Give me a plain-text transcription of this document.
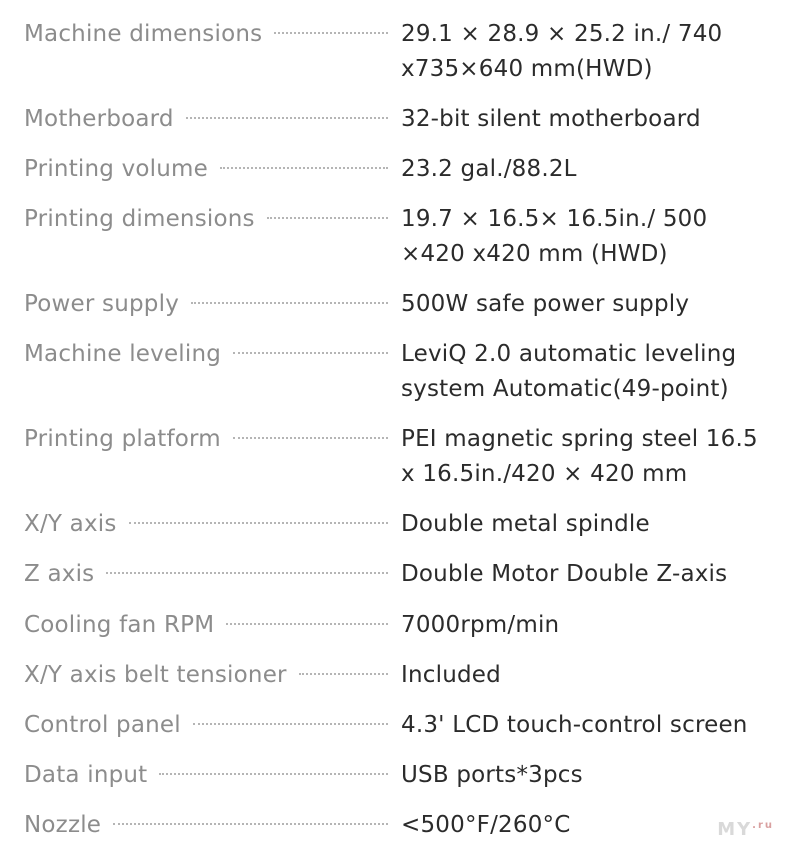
Machine dimensions	29.1 × 28.9 × 25.2 in./ 740 x735×640 mm(HWD)
Motherboard	32-bit silent motherboard
Printing volume	23.2 gal./88.2L
Printing dimensions	19.7 × 16.5× 16.5in./ 500 ×420 x420 mm (HWD)
Power supply	500W safe power supply
Machine leveling	LeviQ 2.0 automatic leveling system Automatic(49-point)
Printing platform	PEI magnetic spring steel 16.5 x 16.5in./420 × 420 mm
X/Y axis	Double metal spindle
Z axis	Double Motor Double Z-axis
Cooling fan RPM	7000rpm/min
X/Y axis belt tensioner	Included
Control panel	4.3' LCD touch-control screen
Data input	USB ports*3pcs
Nozzle	<500°F/260°C	$MY^{.ru}$
